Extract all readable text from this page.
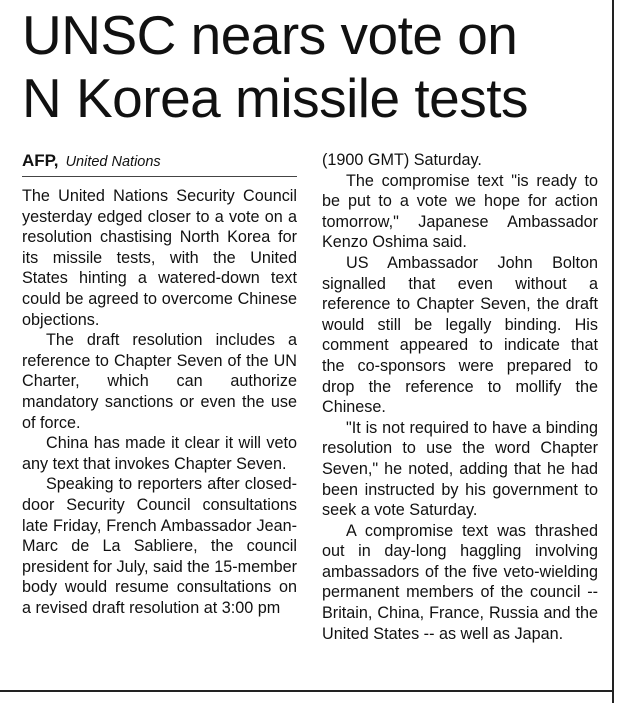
UNSC nears vote on
N Korea missile tests
AFP, United Nations

The United Nations Security Council yesterday edged closer to a vote on a resolution chastising North Korea for its missile tests, with the United States hinting a watered-down text could be agreed to overcome Chinese objections.

The draft resolution includes a reference to Chapter Seven of the UN Charter, which can authorize mandatory sanctions or even the use of force.

China has made it clear it will veto any text that invokes Chapter Seven.

Speaking to reporters after closed-door Security Council consultations late Friday, French Ambassador Jean-Marc de La Sabliere, the council president for July, said the 15-member body would resume consultations on a revised draft resolution at 3:00 pm

(1900 GMT) Saturday.

The compromise text "is ready to be put to a vote we hope for action tomorrow," Japanese Ambassador Kenzo Oshima said.

US Ambassador John Bolton signalled that even without a reference to Chapter Seven, the draft would still be legally binding. His comment appeared to indicate that the co-sponsors were prepared to drop the reference to mollify the Chinese.

"It is not required to have a binding resolution to use the word Chapter Seven," he noted, adding that he had been instructed by his government to seek a vote Saturday.

A compromise text was thrashed out in day-long haggling involving ambassadors of the five veto-wielding permanent members of the council -- Britain, China, France, Russia and the United States -- as well as Japan.
